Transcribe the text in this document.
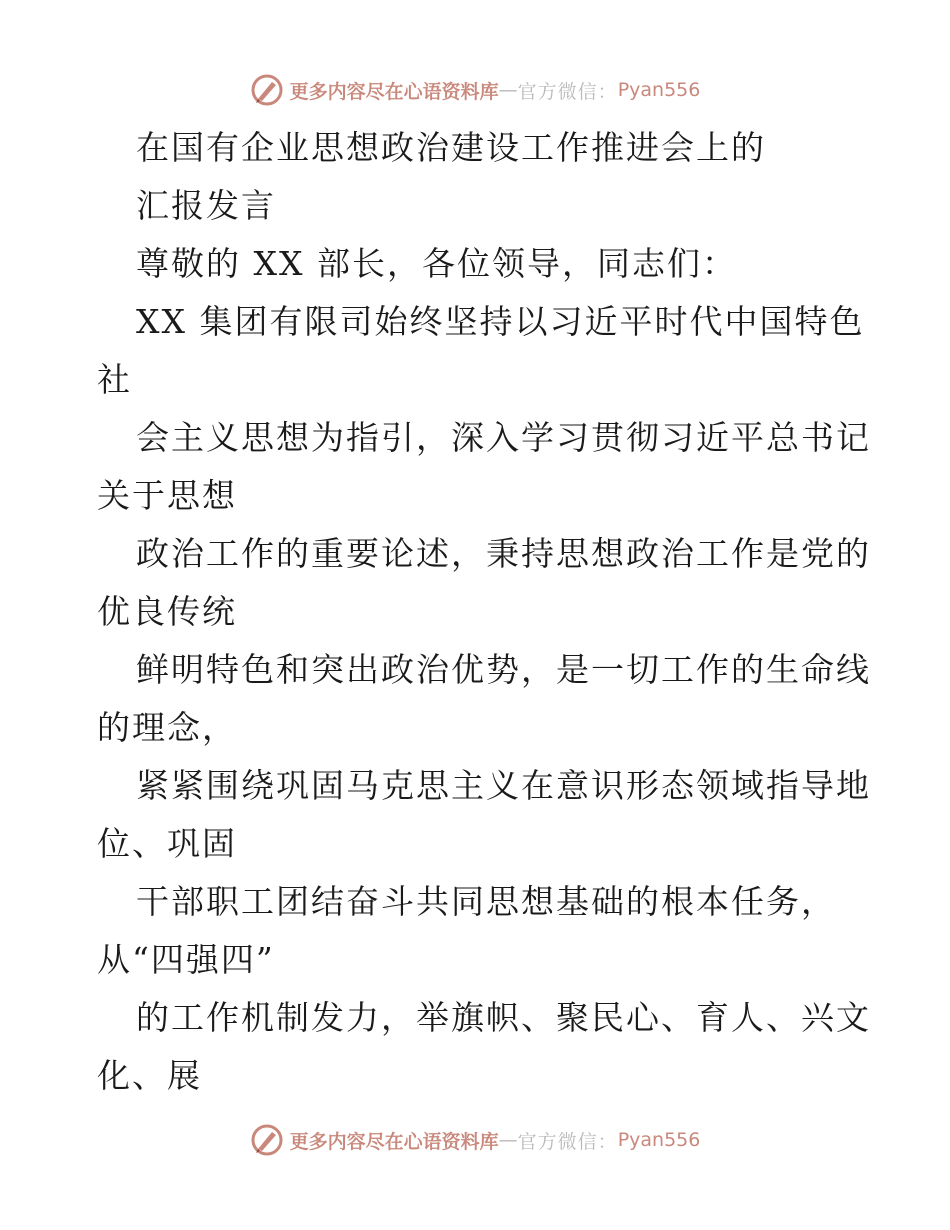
更多内容尽在心语资料库 — 官方微信： Pyan556
在国有企业思想政治建设工作推进会上的
汇报发言
尊敬的 XX 部长，各位领导，同志们：
XX 集团有限司始终坚持以习近平时代中国特色
社
会主义思想为指引，深入学习贯彻习近平总书记
关于思想
政治工作的重要论述，秉持思想政治工作是党的
优良传统
鲜明特色和突出政治优势，是一切工作的生命线
的理念，
紧紧围绕巩固马克思主义在意识形态领域指导地
位、巩固
干部职工团结奋斗共同思想基础的根本任务，
从“四强四”
的工作机制发力，举旗帜、聚民心、育人、兴文
化、展
更多内容尽在心语资料库 — 官方微信： Pyan556
